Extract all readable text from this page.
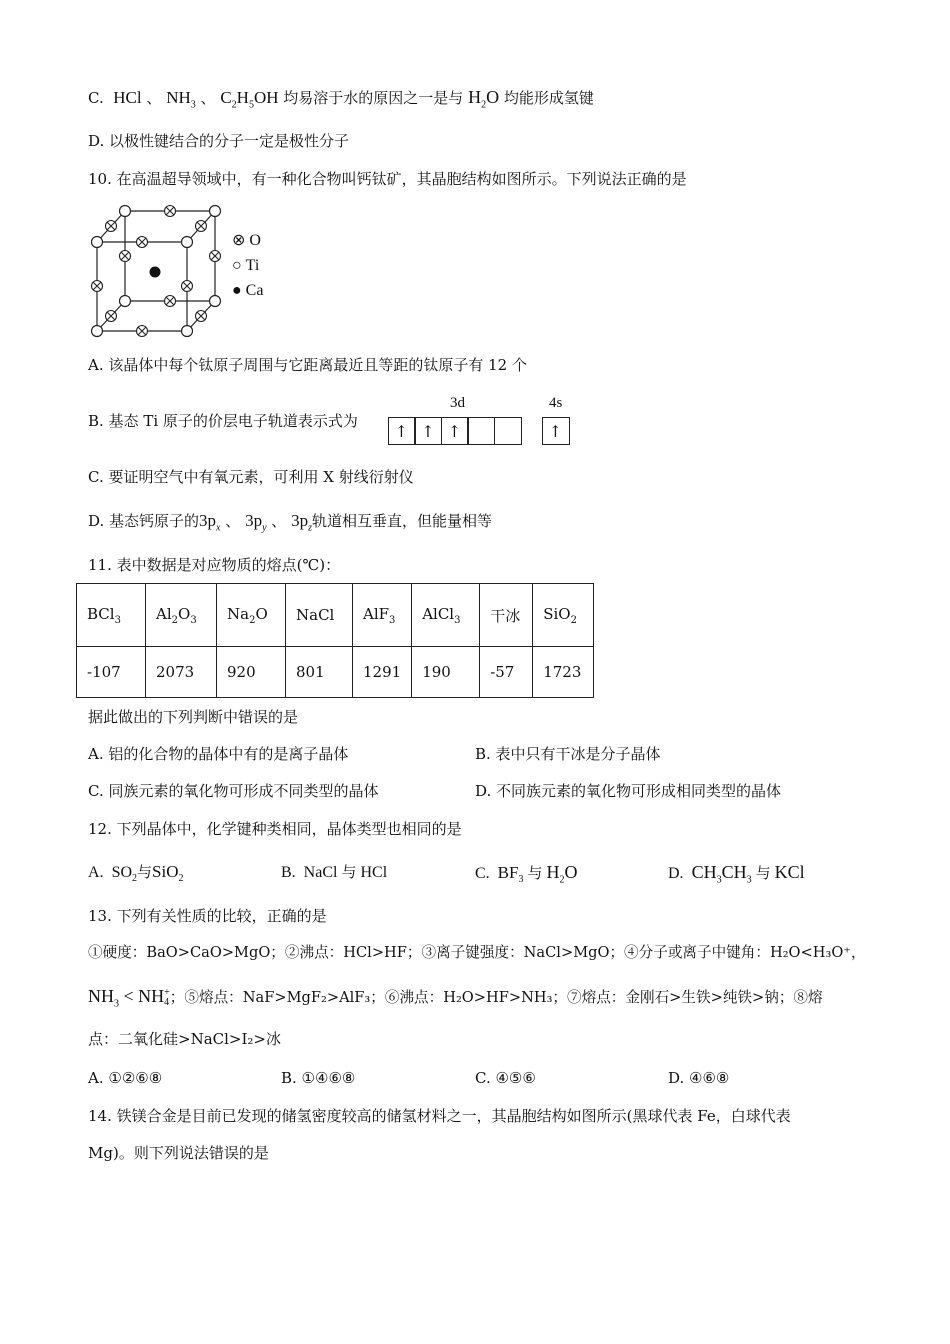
C. HCl 、 $NH_3$ 、 $C_2H_5OH$ 均易溶于水的原因之一是与 $H_2O$ 均能形成氢键
D. 以极性键结合的分子一定是极性分子
10. 在高温超导领域中，有一种化合物叫钙钛矿，其晶胞结构如图所示。下列说法正确的是
⊗ O
○ Ti
● Ca
A. 该晶体中每个钛原子周围与它距离最近且等距的钛原子有 12 个
B. 基态 Ti 原子的价层电子轨道表示式为
3d	4s
↑ ↑ ↑	↑
C. 要证明空气中有氧元素，可利用 X 射线衍射仪
D. 基态钙原子的$3p_x$ 、 $3p_y$ 、 $3p_z$轨道相互垂直，但能量相等
11. 表中数据是对应物质的熔点(℃)：
BCl$_3$	$Al_2O_3$	$Na_2O$	NaCl	AlF$_3$	AlCl$_3$	干冰	SiO$_2$
-107	2073	920	801	1291	190	-57	1723
据此做出的下列判断中错误的是
A. 铝的化合物的晶体中有的是离子晶体	B. 表中只有干冰是分子晶体
C. 同族元素的氧化物可形成不同类型的晶体	D. 不同族元素的氧化物可形成相同类型的晶体
12. 下列晶体中，化学键种类相同，晶体类型也相同的是
A. $SO_2$与SiO$_2$	B. NaCl 与 HCl	C. $BF_3$ 与 $H_2O$	D. $CH_3CH_3$ 与 KCl
13. 下列有关性质的比较，正确的是
①硬度：BaO>CaO>MgO；②沸点：HCl>HF；③离子键强度：NaCl>MgO；④分子或离子中键角：H₂O<H₃O⁺，
$NH_3$ < NH +
4 ；⑤熔点：NaF>MgF₂>AlF₃；⑥沸点：H₂O>HF>NH₃；⑦熔点：金刚石>生铁>纯铁>钠；⑧熔
点：二氧化硅>NaCl>I₂>冰
A. ①②⑥⑧	B. ①④⑥⑧	C. ④⑤⑥	D. ④⑥⑧
14. 铁镁合金是目前已发现的储氢密度较高的储氢材料之一，其晶胞结构如图所示(黑球代表 Fe，白球代表
Mg)。则下列说法错误的是
